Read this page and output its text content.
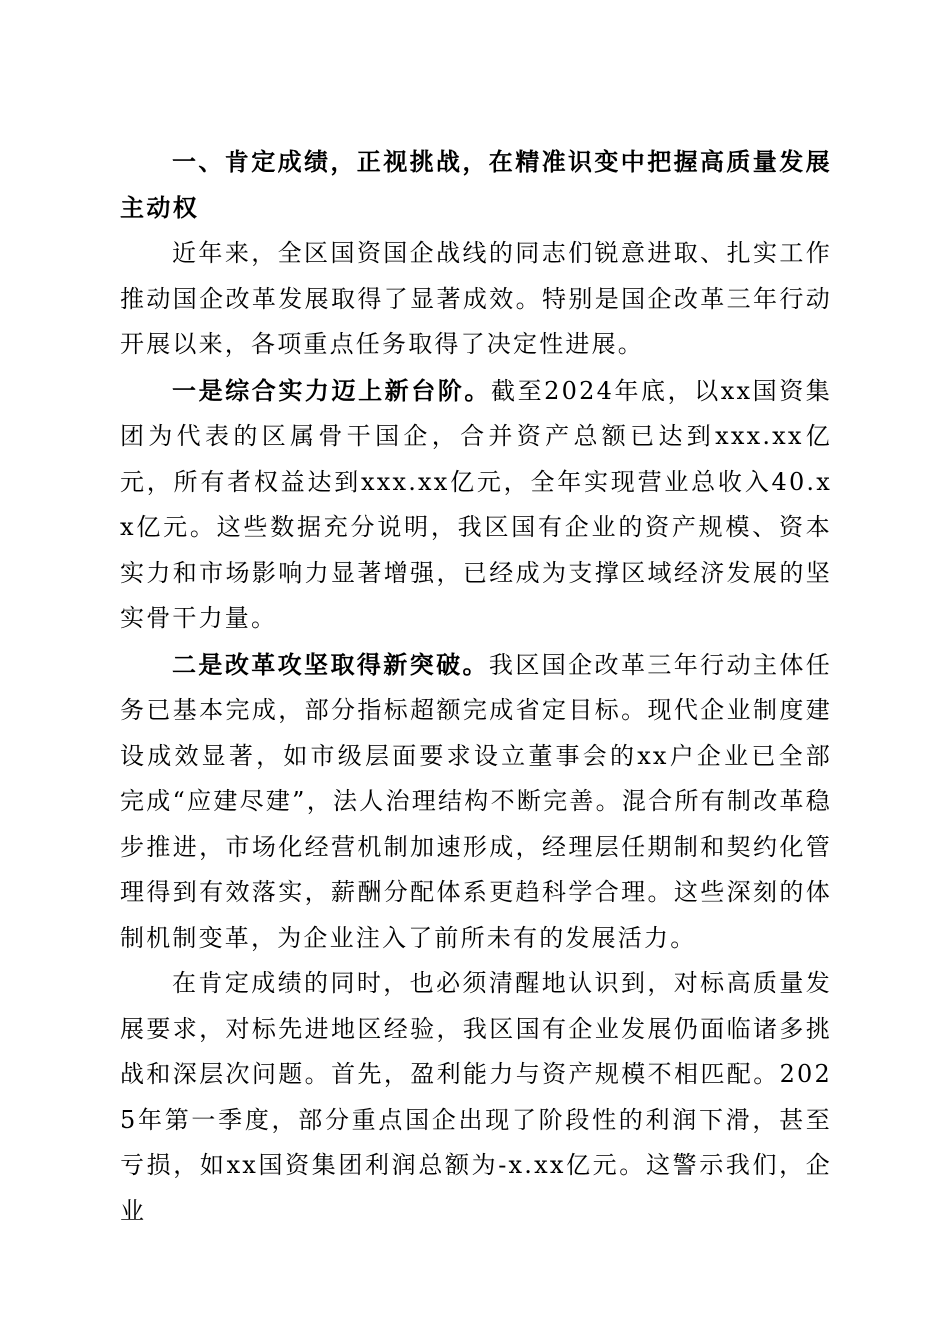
一、肯定成绩，正视挑战，在精准识变中把握高质量发展主动权

近年来，全区国资国企战线的同志们锐意进取、扎实工作推动国企改革发展取得了显著成效。特别是国企改革三年行动开展以来，各项重点任务取得了决定性进展。

一是综合实力迈上新台阶。截至2024年底，以xx国资集团为代表的区属骨干国企，合并资产总额已达到xxx.xx亿元，所有者权益达到xxx.xx亿元，全年实现营业总收入40.xx亿元。这些数据充分说明，我区国有企业的资产规模、资本实力和市场影响力显著增强，已经成为支撑区域经济发展的坚实骨干力量。

二是改革攻坚取得新突破。我区国企改革三年行动主体任务已基本完成，部分指标超额完成省定目标。现代企业制度建设成效显著，如市级层面要求设立董事会的xx户企业已全部完成“应建尽建”，法人治理结构不断完善。混合所有制改革稳步推进，市场化经营机制加速形成，经理层任期制和契约化管理得到有效落实，薪酬分配体系更趋科学合理。这些深刻的体制机制变革，为企业注入了前所未有的发展活力。

在肯定成绩的同时，也必须清醒地认识到，对标高质量发展要求，对标先进地区经验，我区国有企业发展仍面临诸多挑战和深层次问题。首先，盈利能力与资产规模不相匹配。2025年第一季度，部分重点国企出现了阶段性的利润下滑，甚至亏损，如xx国资集团利润总额为-x.xx亿元。这警示我们，企业
